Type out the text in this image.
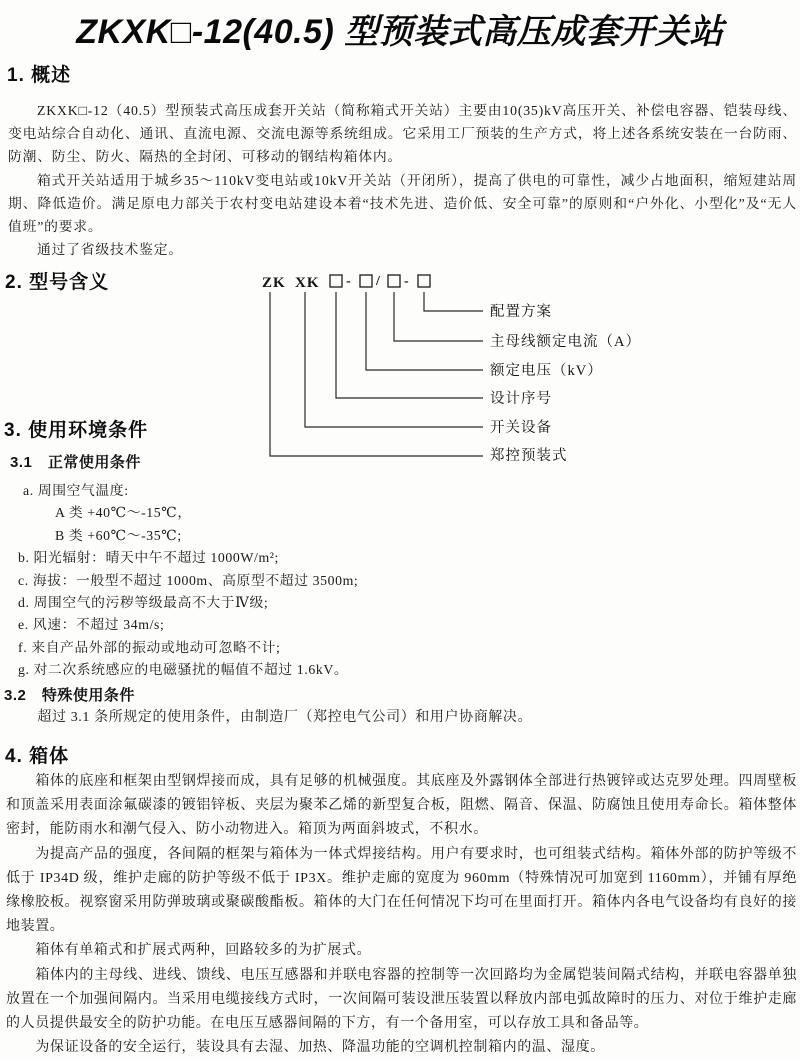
ZKXK□-12(40.5) 型预装式高压成套开关站
1. 概述

ZKXK□-12（40.5）型预装式高压成套开关站（简称箱式开关站）主要由10(35)kV高压开关、补偿电容器、铠装母线、变电站综合自动化、通讯、直流电源、交流电源等系统组成。它采用工厂预装的生产方式，将上述各系统安装在一台防雨、防潮、防尘、防火、隔热的全封闭、可移动的钢结构箱体内。

箱式开关站适用于城乡35～110kV变电站或10kV开关站（开闭所），提高了供电的可靠性，减少占地面积，缩短建站周期、降低造价。满足原电力部关于农村变电站建设本着“技术先进、造价低、安全可靠”的原则和“户外化、小型化”及“无人值班”的要求。

通过了省级技术鉴定。

2. 型号含义	ZK XK - / -
配置方案
主母线额定电流（A）
额定电压（kV）
设计序号
开关设备
郑控预装式
3. 使用环境条件
3.1　正常使用条件
a. 周围空气温度:
A 类 +40℃～-15℃，
B 类 +60℃～-35℃;
b. 阳光辐射：晴天中午不超过 1000W/m²;
c. 海拔：一般型不超过 1000m、高原型不超过 3500m;
d. 周围空气的污秽等级最高不大于Ⅳ级;
e. 风速：不超过 34m/s;
f. 来自产品外部的振动或地动可忽略不计;
g. 对二次系统感应的电磁骚扰的幅值不超过 1.6kV。
3.2　特殊使用条件

超过 3.1 条所规定的使用条件，由制造厂（郑控电气公司）和用户协商解决。

4. 箱体

箱体的底座和框架由型钢焊接而成，具有足够的机械强度。其底座及外露钢体全部进行热镀锌或达克罗处理。四周壁板和顶盖采用表面涂氟碳漆的镀铝锌板、夹层为聚苯乙烯的新型复合板，阻燃、隔音、保温、防腐蚀且使用寿命长。箱体整体密封，能防雨水和潮气侵入、防小动物进入。箱顶为两面斜坡式，不积水。

为提高产品的强度，各间隔的框架与箱体为一体式焊接结构。用户有要求时，也可组装式结构。箱体外部的防护等级不低于 IP34D 级，维护走廊的防护等级不低于 IP3X。维护走廊的宽度为 960mm（特殊情况可加宽到 1160mm），并铺有厚绝缘橡胶板。视察窗采用防弹玻璃或聚碳酸酯板。箱体的大门在任何情况下均可在里面打开。箱体内各电气设备均有良好的接地装置。

箱体有单箱式和扩展式两种，回路较多的为扩展式。

箱体内的主母线、进线、馈线、电压互感器和并联电容器的控制等一次回路均为金属铠装间隔式结构，并联电容器单独放置在一个加强间隔内。当采用电缆接线方式时，一次间隔可装设泄压装置以释放内部电弧故障时的压力、对位于维护走廊的人员提供最安全的防护功能。在电压互感器间隔的下方，有一个备用室，可以存放工具和备品等。

为保证设备的安全运行，装设具有去湿、加热、降温功能的空调机控制箱内的温、湿度。
